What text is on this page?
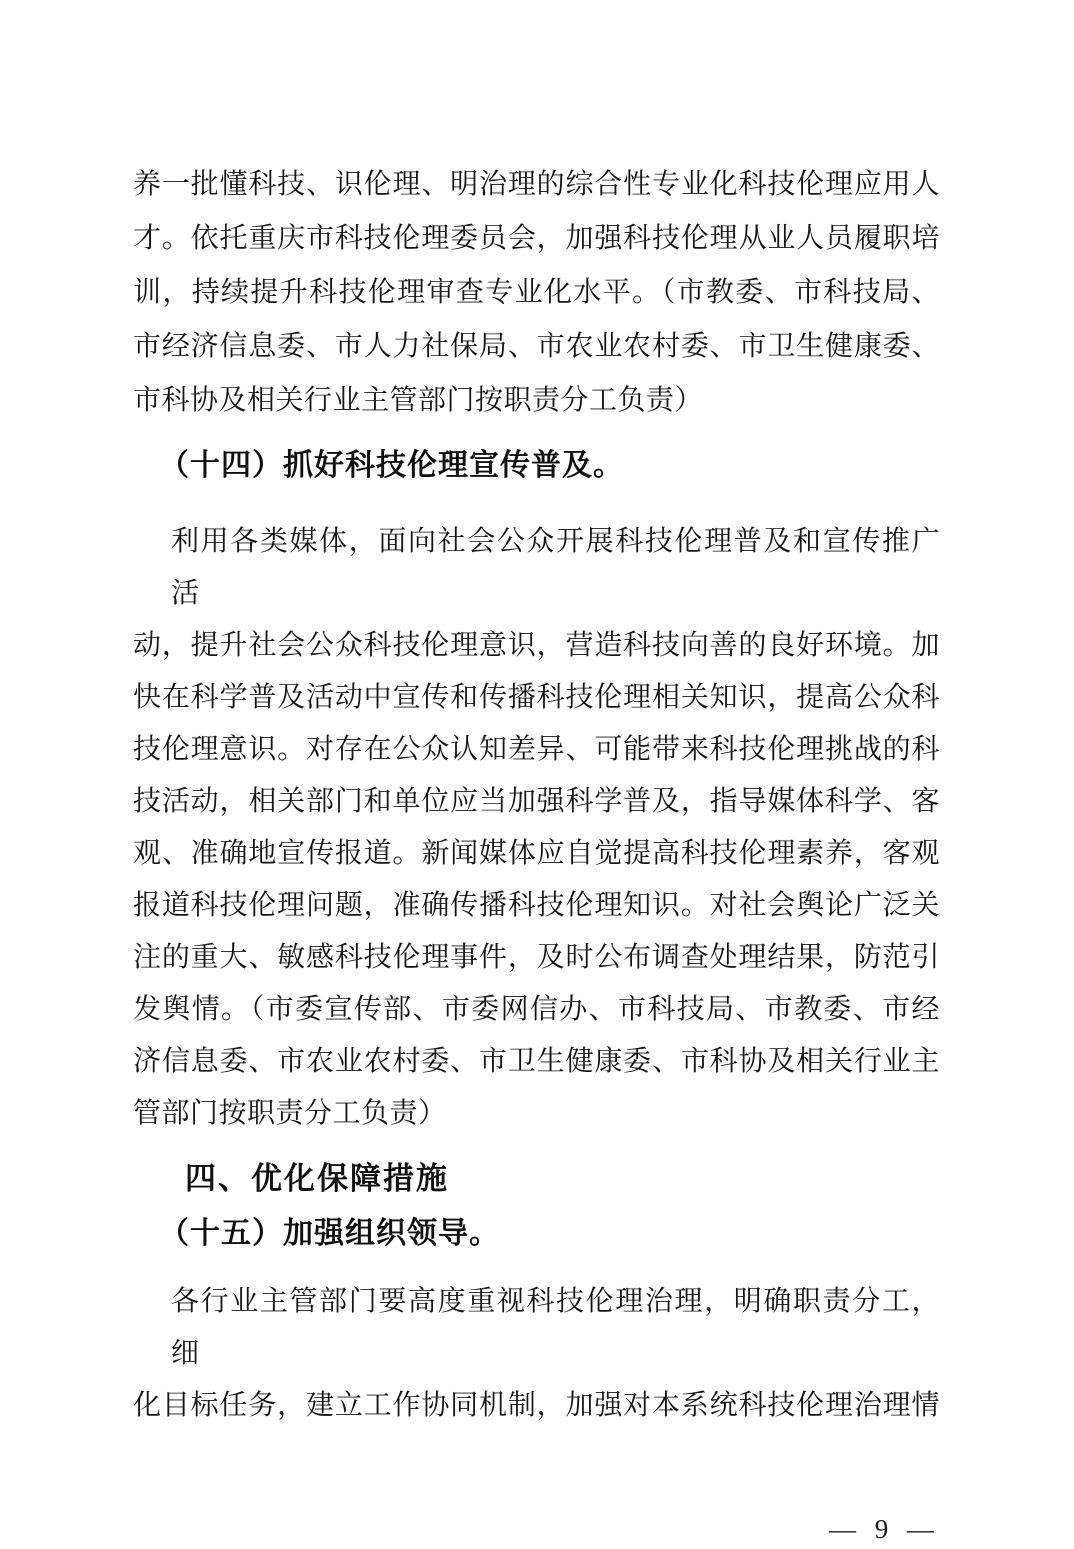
养一批懂科技、识伦理、明治理的综合性专业化科技伦理应用人
才。依托重庆市科技伦理委员会，加强科技伦理从业人员履职培
训，持续提升科技伦理审查专业化水平。（市教委、市科技局、
市经济信息委、市人力社保局、市农业农村委、市卫生健康委、
市科协及相关行业主管部门按职责分工负责）
（十四）抓好科技伦理宣传普及。
利用各类媒体，面向社会公众开展科技伦理普及和宣传推广活
动，提升社会公众科技伦理意识，营造科技向善的良好环境。加
快在科学普及活动中宣传和传播科技伦理相关知识，提高公众科
技伦理意识。对存在公众认知差异、可能带来科技伦理挑战的科
技活动，相关部门和单位应当加强科学普及，指导媒体科学、客
观、准确地宣传报道。新闻媒体应自觉提高科技伦理素养，客观
报道科技伦理问题，准确传播科技伦理知识。对社会舆论广泛关
注的重大、敏感科技伦理事件，及时公布调查处理结果，防范引
发舆情。（市委宣传部、市委网信办、市科技局、市教委、市经
济信息委、市农业农村委、市卫生健康委、市科协及相关行业主
管部门按职责分工负责）
四、优化保障措施
（十五）加强组织领导。
各行业主管部门要高度重视科技伦理治理，明确职责分工，细
化目标任务，建立工作协同机制，加强对本系统科技伦理治理情
— 9 —
